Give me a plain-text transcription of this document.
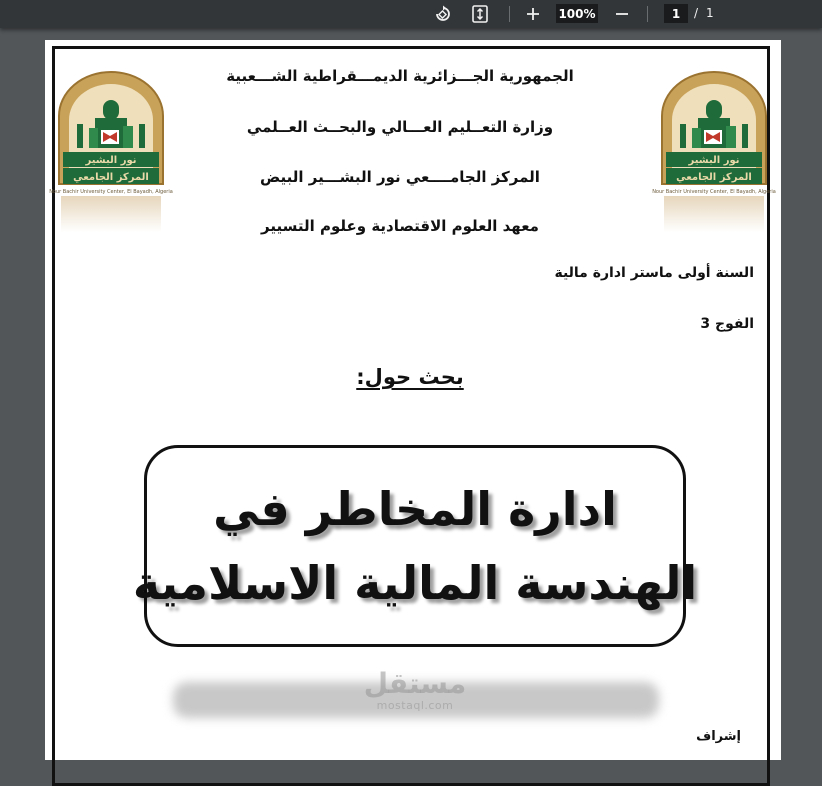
100%	1	/ 1
نور البشير
المركز الجامعي
Nour Bachir University Center, El Bayadh, Algeria
نور البشير
المركز الجامعي
Nour Bachir University Center, El Bayadh, Algeria
الجمهورية الجـــزائرية الديمـــقراطية الشـــعبية
وزارة التعــليم العـــالي والبحــث العــلمي
المركز الجامــــعي نور البشـــير البيض
معهد العلوم الاقتصادية وعلوم التسيير
السنة أولى ماستر ادارة مالية
الفوج 3
بحث حول:
ادارة المخاطر في
الهندسة المالية الاسلامية
مستقل
mostaql.com
إشراف
